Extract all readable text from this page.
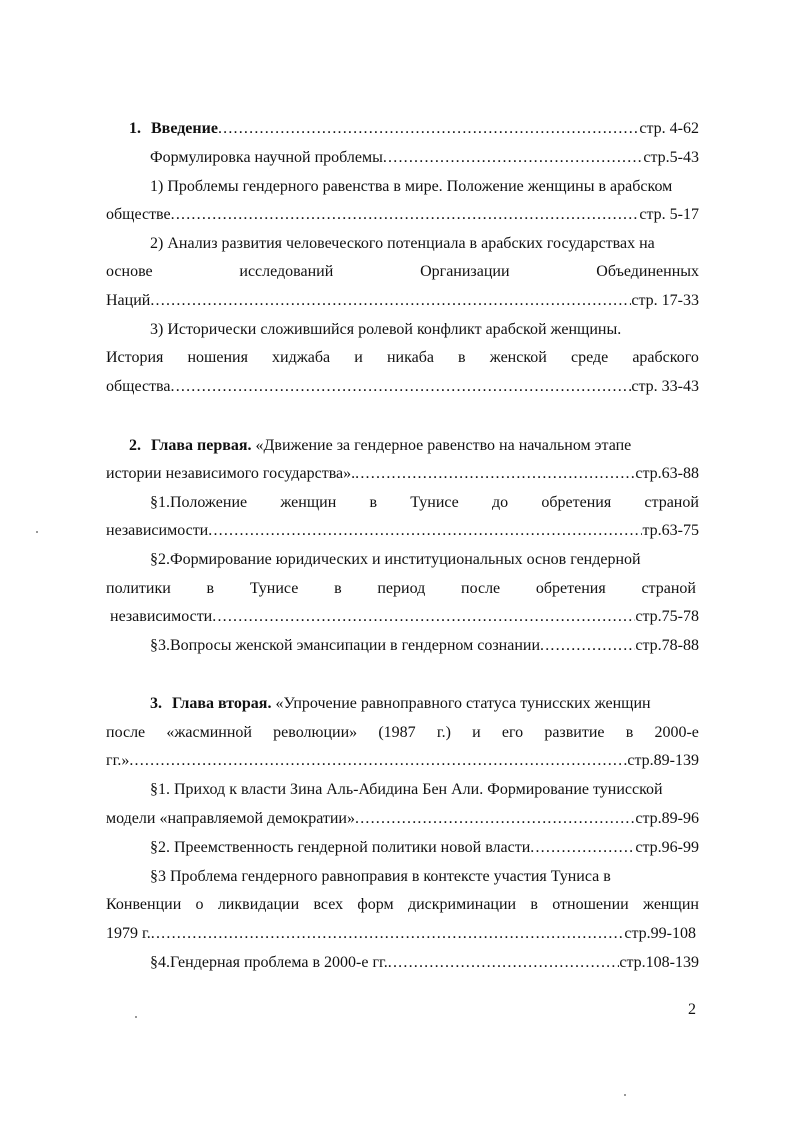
1. Введение .....	стр. 4-62
Формулировка научной проблемы .....	стр.5-43
1) Проблемы гендерного равенства в мире. Положение женщины в арабском
обществе .....	стр. 5-17
2) Анализ развития человеческого потенциала в арабских государствах на
основе	исследований	Организации	Объединенных
Наций .....	стр. 17-33
3) Исторически сложившийся ролевой конфликт арабской женщины.
История ношения хиджаба и никаба в женской среде арабского
общества .....	стр. 33-43
2. Глава первая. «Движение за гендерное равенство на начальном этапе
истории независимого государства». .....	стр.63-88
§1.Положение женщин в Тунисе до обретения страной
независимости .....	тр.63-75
§2.Формирование юридических и институциональных основ гендерной
политики в Тунисе в период после обретения страной
независимости .....	стр.75-78
§3.Вопросы женской эмансипации в гендерном сознании .....	стр.78-88
3. Глава вторая. «Упрочение равноправного статуса тунисских женщин
после «жасминной революции» (1987 г.) и его развитие в 2000-е
гг.» .....	стр.89-139
§1. Приход к власти Зина Аль-Абидина Бен Али. Формирование тунисской
модели «направляемой демократии» .....	стр.89-96
§2. Преемственность гендерной политики новой власти .....	стр.96-99
§3 Проблема гендерного равноправия в контексте участия Туниса в
Конвенции о ликвидации всех форм дискриминации в отношении женщин
1979 г. .....	стр.99-108
§4.Гендерная проблема в 2000-е гг. .....	стр.108-139
2
